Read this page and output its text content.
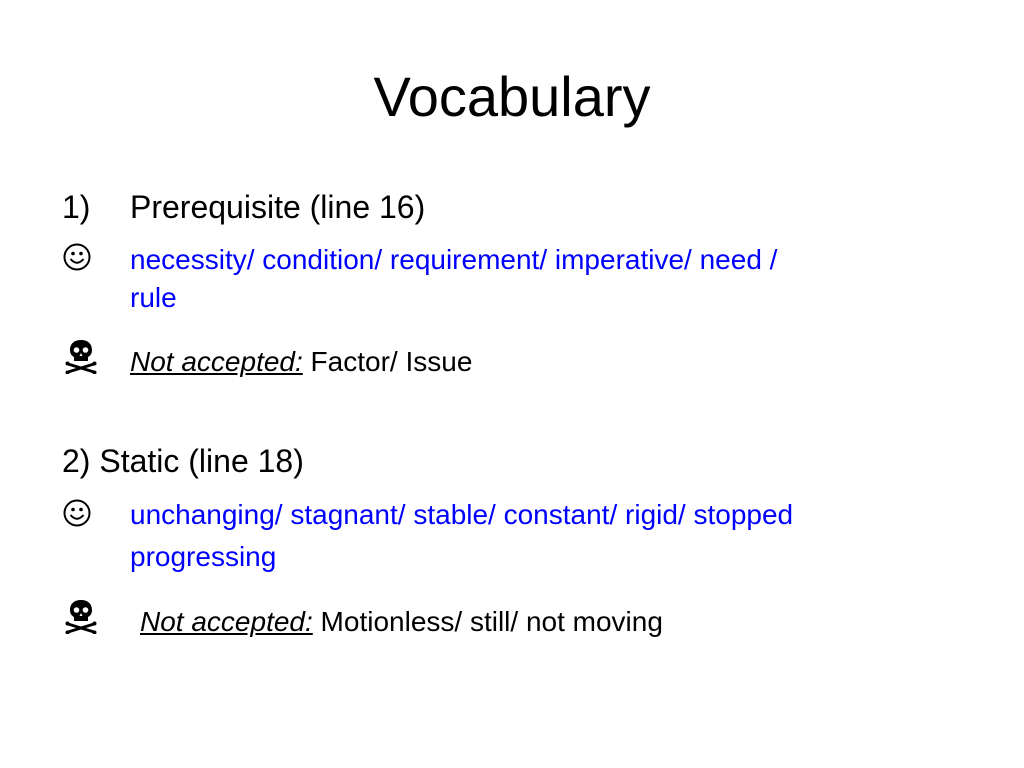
Vocabulary
1) Prerequisite (line 16)
necessity/ condition/ requirement/ imperative/ need /
rule
Not accepted: Factor/ Issue
2) Static (line 18)
unchanging/ stagnant/ stable/ constant/ rigid/ stopped
progressing
Not accepted: Motionless/ still/ not moving
